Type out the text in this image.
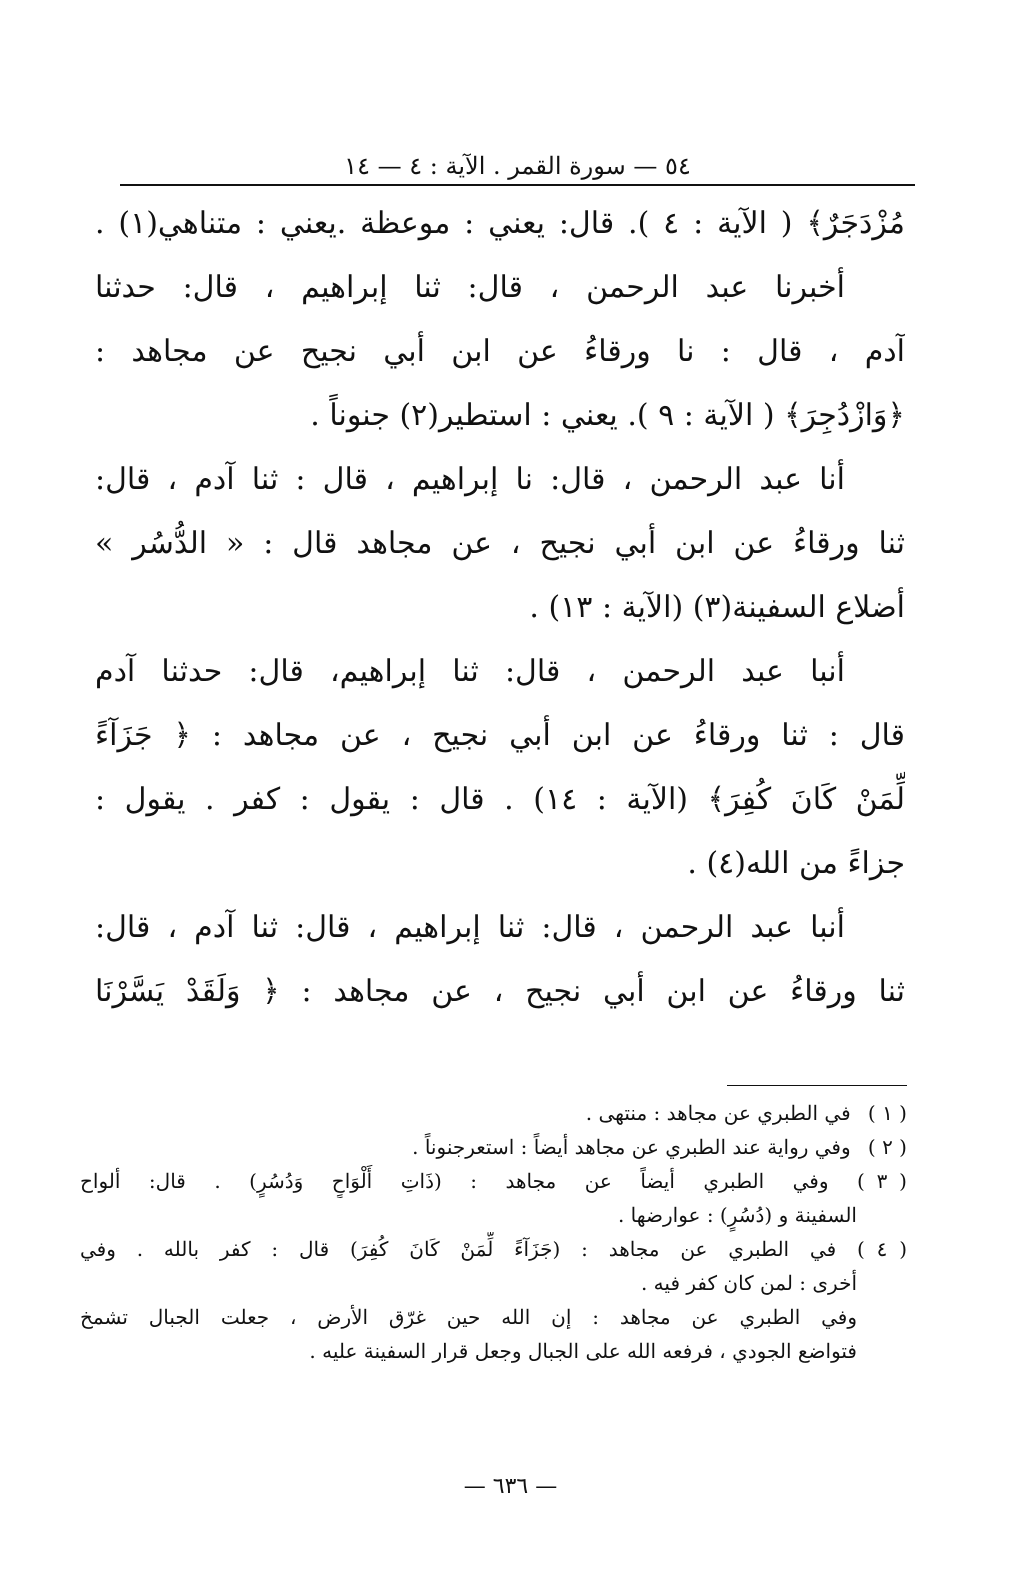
٥٤ — سورة القمر . الآية : ٤ — ١٤
مُزْدَجَرٌ﴾ ( الآية : ٤ ). قال: يعني : موعظة .يعني : متناهي(١) .
أخبرنا عبد الرحمن ، قال: ثنا إبراهيم ، قال: حدثنا
آدم ، قال : نا ورقاءُ عن ابن أبي نجيح عن مجاهد :
﴿وَازْدُجِرَ﴾ ( الآية : ٩ ). يعني : استطير(٢) جنوناً .
أنا عبد الرحمن ، قال: نا إبراهيم ، قال : ثنا آدم ، قال:
ثنا ورقاءُ عن ابن أبي نجيح ، عن مجاهد قال : « الدُّسُر »
أضلاع السفينة(٣) (الآية : ١٣) .
أنبا عبد الرحمن ، قال: ثنا إبراهيم، قال: حدثنا آدم
قال : ثنا ورقاءُ عن ابن أبي نجيح ، عن مجاهد : ﴿ جَزَآءً
لِّمَنْ كَانَ كُفِرَ﴾ (الآية : ١٤) . قال : يقول : كفر . يقول :
جزاءً من الله(٤) .
أنبا عبد الرحمن ، قال: ثنا إبراهيم ، قال: ثنا آدم ، قال:
ثنا ورقاءُ عن ابن أبي نجيح ، عن مجاهد : ﴿ وَلَقَدْ يَسَّرْنَا
( ١ ) في الطبري عن مجاهد : منتهى .
( ٢ ) وفي رواية عند الطبري عن مجاهد أيضاً : استعرجنوناً .
( ٣ ) وفي الطبري أيضاً عن مجاهد : (ذَاتِ أَلْوَاحٍ وَدُسُرٍ) . قال: ألواح
السفينة و (دُسُرٍ) : عوارضها .
( ٤ ) في الطبري عن مجاهد : (جَزَآءً لِّمَنْ كَانَ كُفِرَ) قال : كفر بالله . وفي
أخرى : لمن كان كفر فيه .
وفي الطبري عن مجاهد : إن الله حين غرّق الأرض ، جعلت الجبال تشمخ
فتواضع الجودي ، فرفعه الله على الجبال وجعل قرار السفينة عليه .
— ٦٣٦ —
